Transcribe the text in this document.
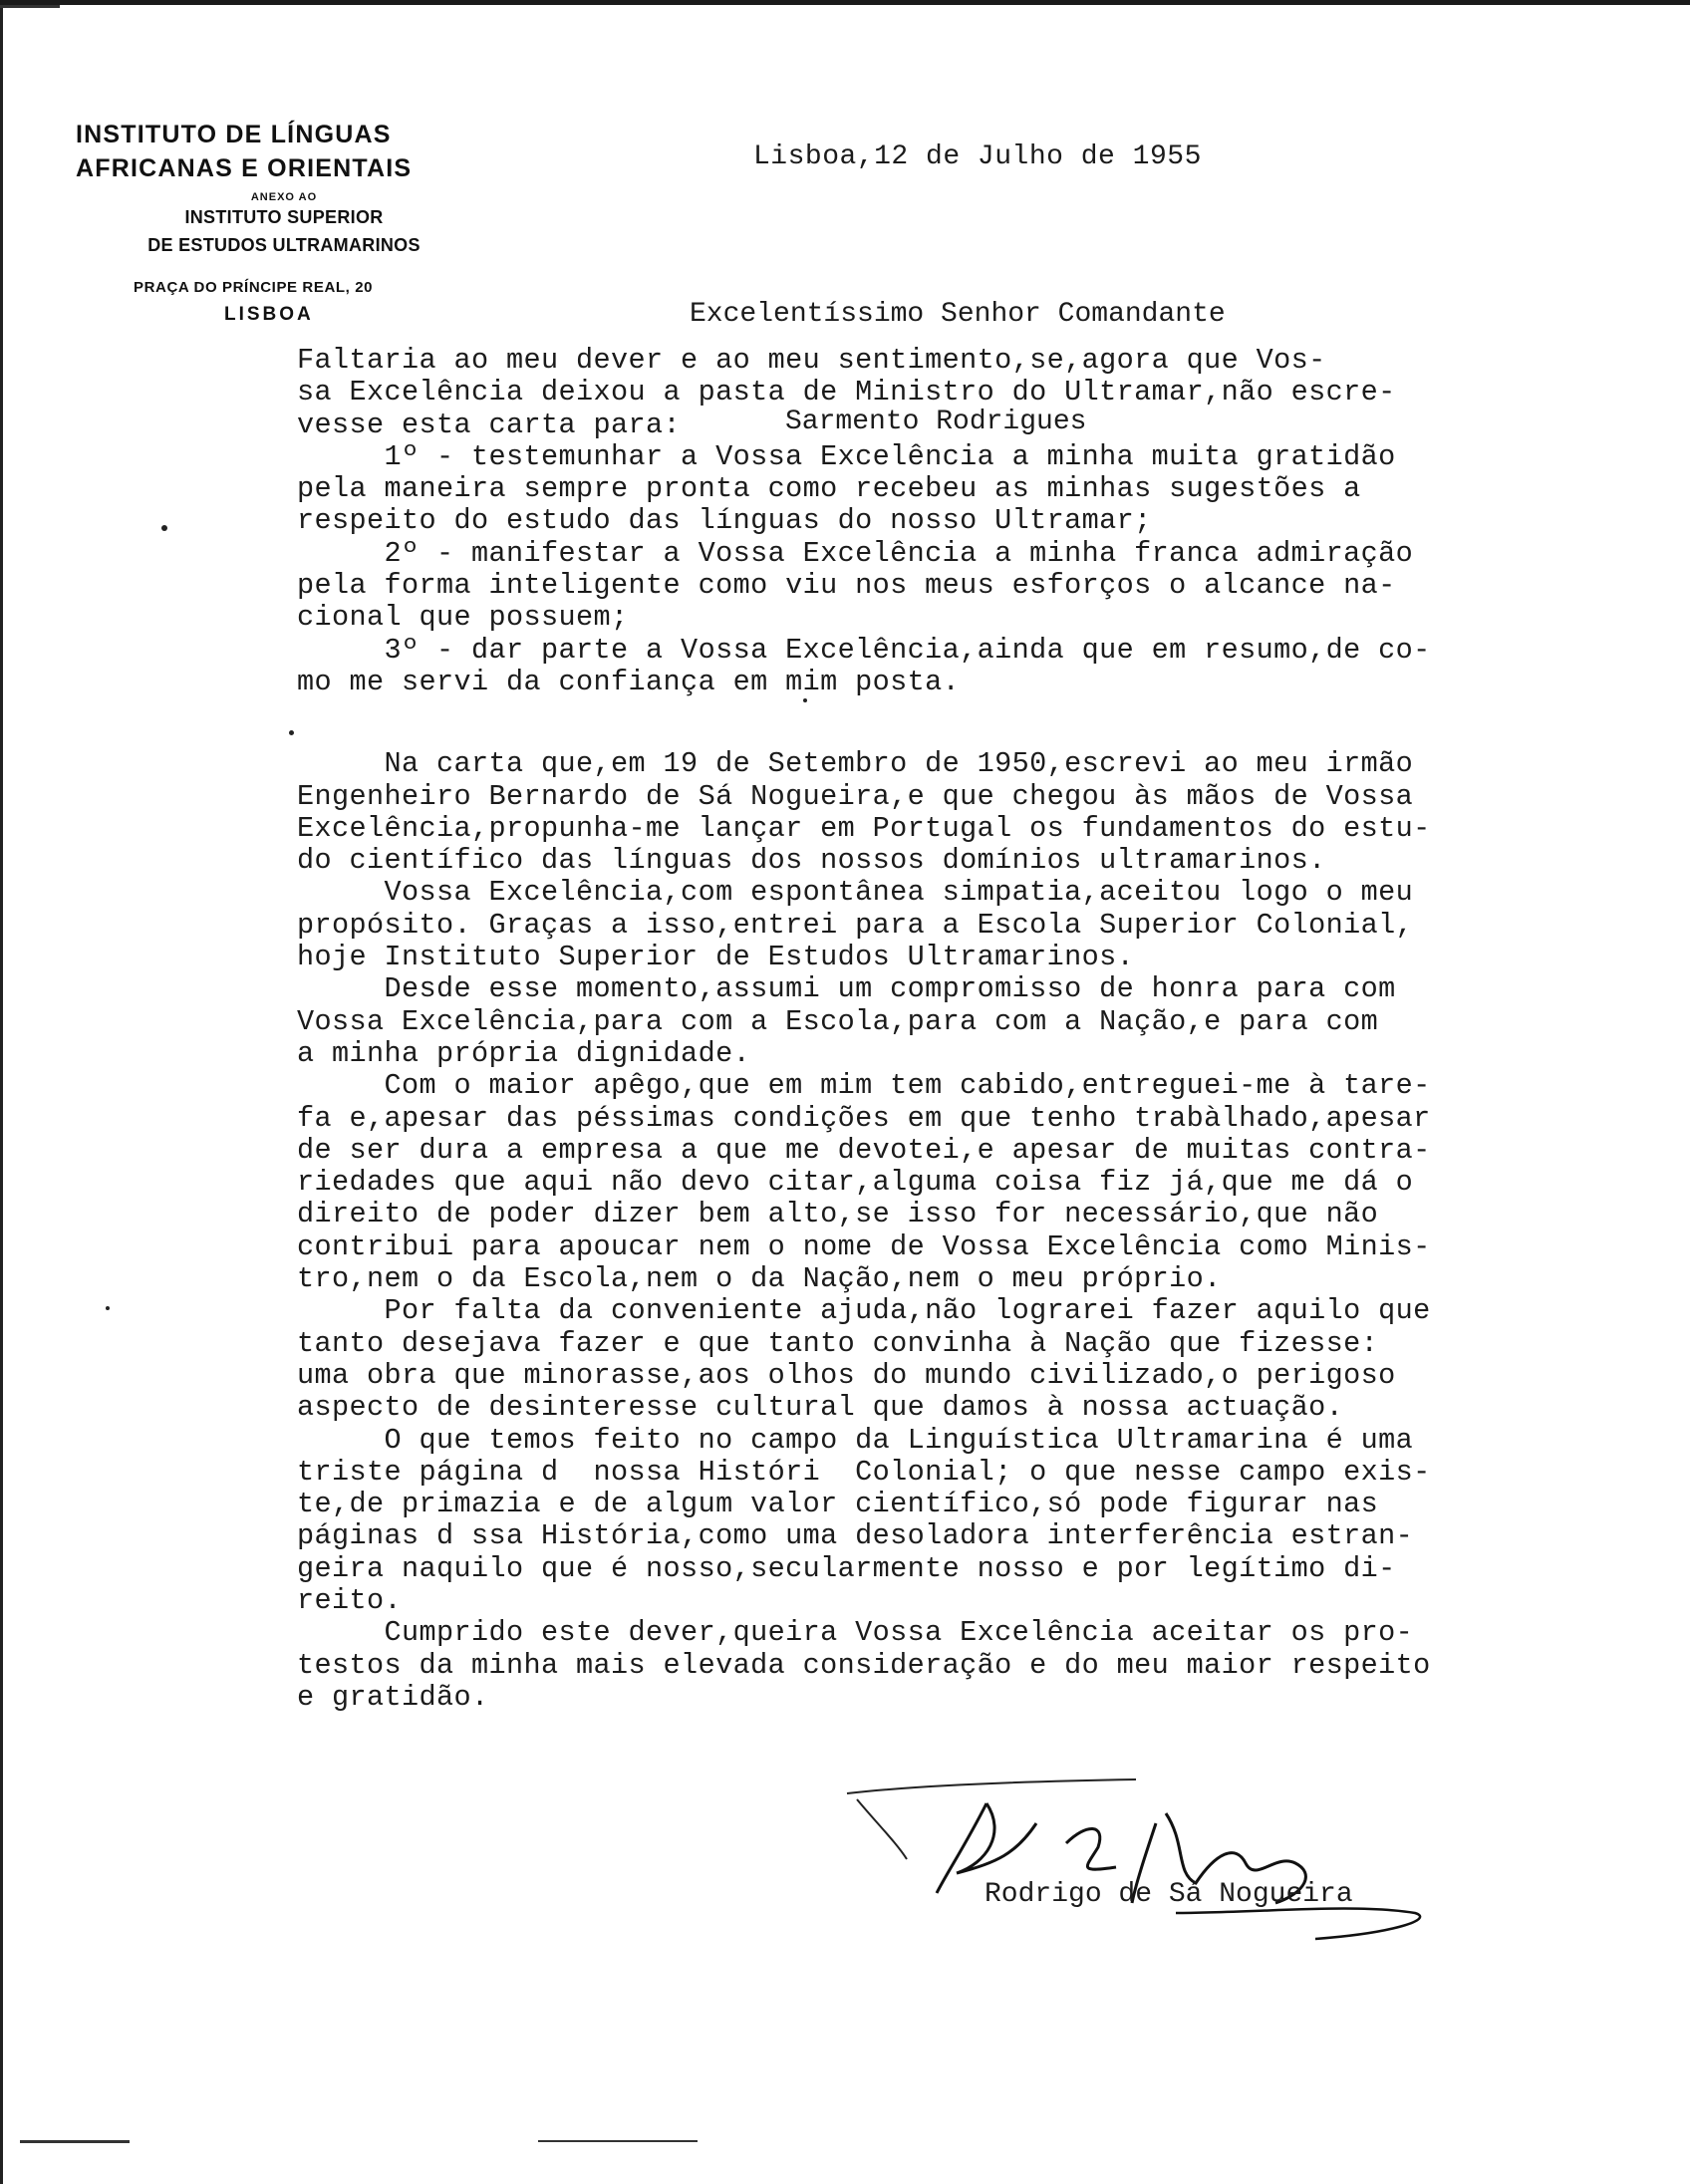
INSTITUTO DE LÍNGUAS
AFRICANAS E ORIENTAIS
ANEXO AO
INSTITUTO SUPERIOR
DE ESTUDOS ULTRAMARINOS
PRAÇA DO PRÍNCIPE REAL, 20
LISBOA
Lisboa,12 de Julho de 1955

Excelentíssimo Senhor Comandante

Sarmento Rodrigues

Faltaria ao meu dever e ao meu sentimento,se,agora que Vos-
sa Excelência deixou a pasta de Ministro do Ultramar,não escre-
vesse esta carta para:
1º - testemunhar a Vossa Excelência a minha muita gratidão
pela maneira sempre pronta como recebeu as minhas sugestões a
respeito do estudo das línguas do nosso Ultramar;
2º - manifestar a Vossa Excelência a minha franca admiração
pela forma inteligente como viu nos meus esforços o alcance na-
cional que possuem;
3º - dar parte a Vossa Excelência,ainda que em resumo,de co-
mo me servi da confiança em mim posta.
Na carta que,em 19 de Setembro de 1950,escrevi ao meu irmão
Engenheiro Bernardo de Sá Nogueira,e que chegou às mãos de Vossa
Excelência,propunha-me lançar em Portugal os fundamentos do estu-
do científico das línguas dos nossos domínios ultramarinos.
Vossa Excelência,com espontânea simpatia,aceitou logo o meu
propósito. Graças a isso,entrei para a Escola Superior Colonial,
hoje Instituto Superior de Estudos Ultramarinos.
Desde esse momento,assumi um compromisso de honra para com
Vossa Excelência,para com a Escola,para com a Nação,e para com
a minha própria dignidade.
Com o maior apêgo,que em mim tem cabido,entreguei-me à tare-
fa e,apesar das péssimas condições em que tenho trabàlhado,apesar
de ser dura a empresa a que me devotei,e apesar de muitas contra-
riedades que aqui não devo citar,alguma coisa fiz já,que me dá o
direito de poder dizer bem alto,se isso for necessário,que não
contribui para apoucar nem o nome de Vossa Excelência como Minis-
tro,nem o da Escola,nem o da Nação,nem o meu próprio.
Por falta da conveniente ajuda,não lograrei fazer aquilo que
tanto desejava fazer e que tanto convinha à Nação que fizesse:
uma obra que minorasse,aos olhos do mundo civilizado,o perigoso
aspecto de desinteresse cultural que damos à nossa actuação.
O que temos feito no campo da Linguística Ultramarina é uma
triste página d  nossa Históri  Colonial; o que nesse campo exis-
te,de primazia e de algum valor científico,só pode figurar nas
páginas d ssa História,como uma desoladora interferência estran-
geira naquilo que é nosso,secularmente nosso e por legítimo di-
reito.
Cumprido este dever,queira Vossa Excelência aceitar os pro-
testos da minha mais elevada consideração e do meu maior respeito
e gratidão.
Rodrigo de Sá Nogueira
